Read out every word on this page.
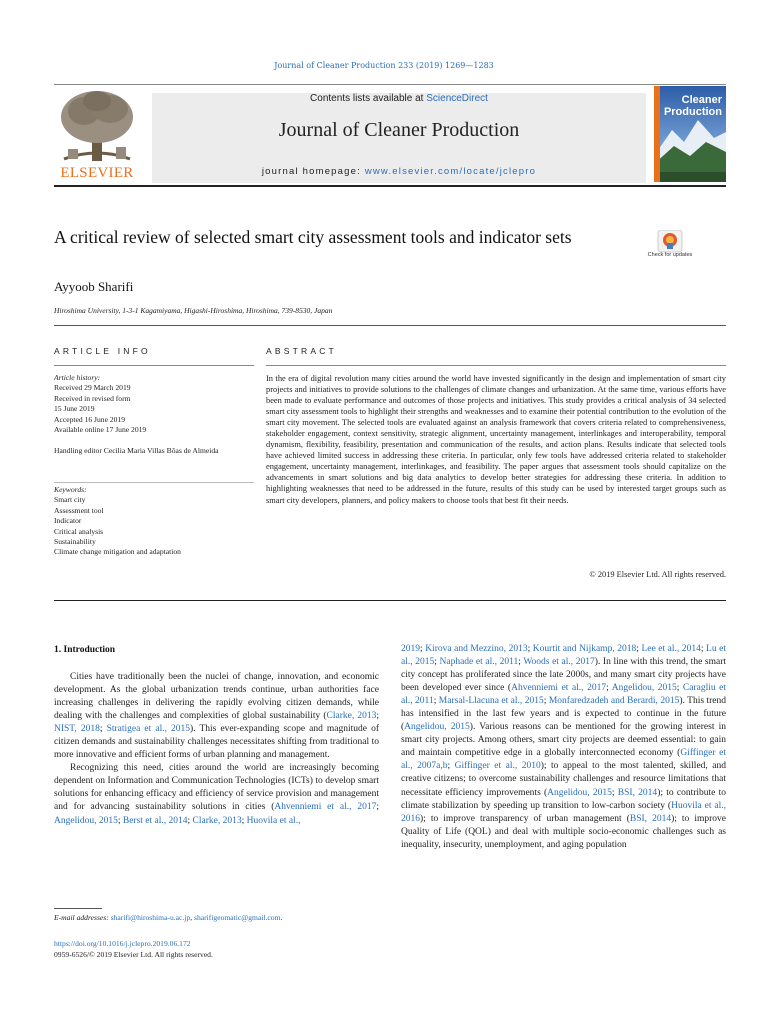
Journal of Cleaner Production 233 (2019) 1269—1283
ELSEVIER
Contents lists available at ScienceDirect
Journal of Cleaner Production
journal homepage: www.elsevier.com/locate/jclepro
Cleaner
Production
A critical review of selected smart city assessment tools and indicator sets
Check for updates
Ayyoob Sharifi
Hiroshima University, 1-3-1 Kagamiyama, Higashi-Hiroshima, Hiroshima, 739-8530, Japan
ARTICLE INFO	ABSTRACT
Article history:
Received 29 March 2019
Received in revised form
15 June 2019
Accepted 16 June 2019
Available online 17 June 2019
Handling editor Cecilia Maria Villas Bôas de Almeida
Keywords:
Smart city
Assessment tool
Indicator
Critical analysis
Sustainability
Climate change mitigation and adaptation
In the era of digital revolution many cities around the world have invested significantly in the design and implementation of smart city projects and initiatives to provide solutions to the challenges of climate changes and urbanization. At the same time, various efforts have been made to evaluate performance and outcomes of those projects and initiatives. This study provides a critical analysis of 34 selected smart city assessment tools to highlight their strengths and weaknesses and to examine their potential contribution to the evolution of the smart city movement. The selected tools are evaluated against an analysis framework that covers criteria related to comprehensiveness, stakeholder engagement, context sensitivity, strategic alignment, uncertainty management, interlinkages and interoperability, temporal dynamism, flexibility, feasibility, presentation and communication of the results, and action plans. Results indicate that selected tools have achieved limited success in addressing these criteria. In particular, only few tools have addressed criteria related to stakeholder engagement, uncertainty management, interlinkages, and feasibility. The paper argues that assessment tools should capitalize on the advancements in smart solutions and big data analytics to develop better strategies for addressing these criteria. In addition to highlighting weaknesses that need to be addressed in the future, results of this study can be used by interested target groups such as smart city developers, planners, and policy makers to choose tools that best fit their needs.
© 2019 Elsevier Ltd. All rights reserved.
1. Introduction

Cities have traditionally been the nuclei of change, innovation, and economic development. As the global urbanization trends continue, urban authorities face increasing challenges in delivering the rapidly evolving citizen demands, while dealing with the challenges and complexities of global sustainability (Clarke, 2013; NIST, 2018; Stratigea et al., 2015). This ever-expanding scope and magnitude of citizen demands and sustainability challenges necessitates shifting from traditional to more innovative and efficient forms of urban planning and management.

Recognizing this need, cities around the world are increasingly becoming dependent on Information and Communication Technologies (ICTs) to develop smart solutions for enhancing efficacy and efficiency of service provision and management and for advancing sustainability solutions in cities (Ahvenniemi et al., 2017; Angelidou, 2015; Berst et al., 2014; Clarke, 2013; Huovila et al.,

2019; Kirova and Mezzino, 2013; Kourtit and Nijkamp, 2018; Lee et al., 2014; Lu et al., 2015; Naphade et al., 2011; Woods et al., 2017). In line with this trend, the smart city concept has proliferated since the late 2000s, and many smart city projects have been developed ever since (Ahvenniemi et al., 2017; Angelidou, 2015; Caragliu et al., 2011; Marsal-Llacuna et al., 2015; Monfaredzadeh and Berardi, 2015). This trend has intensified in the last few years and is expected to continue in the future (Angelidou, 2015). Various reasons can be mentioned for the growing interest in smart city projects. Among others, smart city projects are deemed essential: to gain and maintain competitive edge in a globally interconnected economy (Giffinger et al., 2007a,b; Giffinger et al., 2010); to appeal to the most talented, skilled, and creative citizens; to overcome sustainability challenges and resource limitations that necessitate efficiency improvements (Angelidou, 2015; BSI, 2014); to contribute to climate stabilization by speeding up transition to low-carbon society (Huovila et al., 2016); to improve transparency of urban management (BSI, 2014); to improve Quality of Life (QOL) and deal with multiple socio-economic challenges such as inequality, insecurity, unemployment, and aging population

E-mail addresses: sharifi@hiroshima-u.ac.jp, sharifigeomatic@gmail.com.
https://doi.org/10.1016/j.jclepro.2019.06.172
0959-6526/© 2019 Elsevier Ltd. All rights reserved.
